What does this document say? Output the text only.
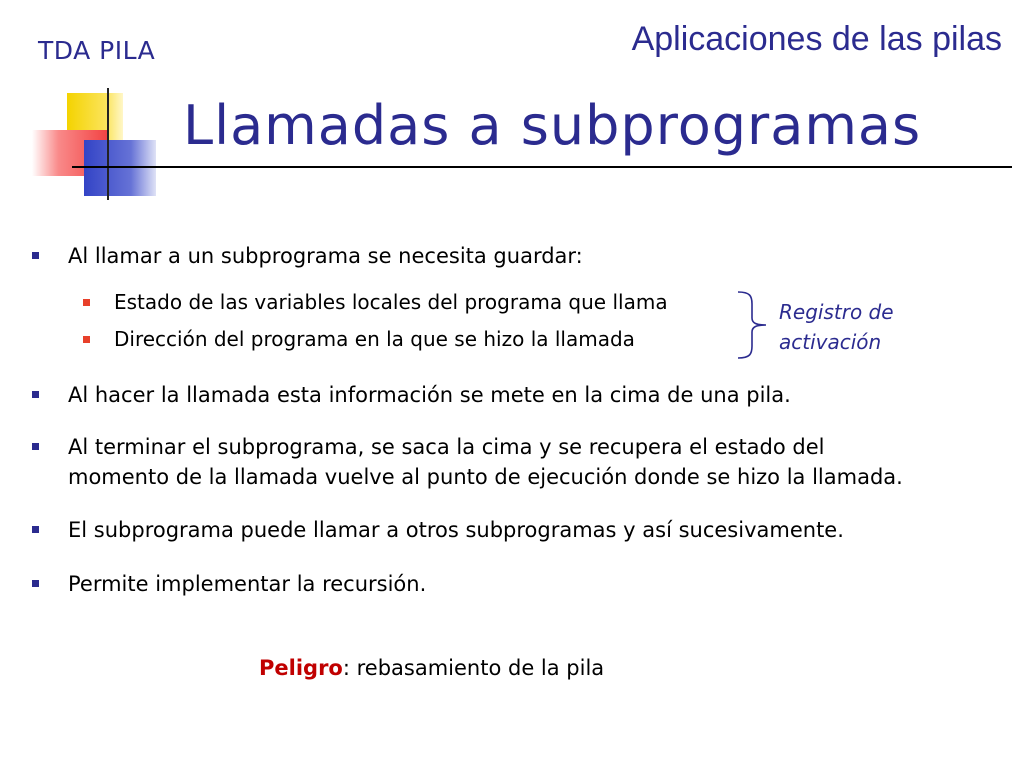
TDA PILA	Aplicaciones de las pilas
Llamadas a subprogramas
Al llamar a un subprograma se necesita guardar:
Estado de las variables locales del programa que llama
Dirección del programa en la que se hizo la llamada
Al hacer la llamada esta información se mete en la cima de una pila.
Al terminar el subprograma, se saca la cima y se recupera el estado del
momento de la llamada vuelve al punto de ejecución donde se hizo la llamada.
El subprograma puede llamar a otros subprogramas y así sucesivamente.
Permite implementar la recursión.
Registro de
activación
Peligro: rebasamiento de la pila
